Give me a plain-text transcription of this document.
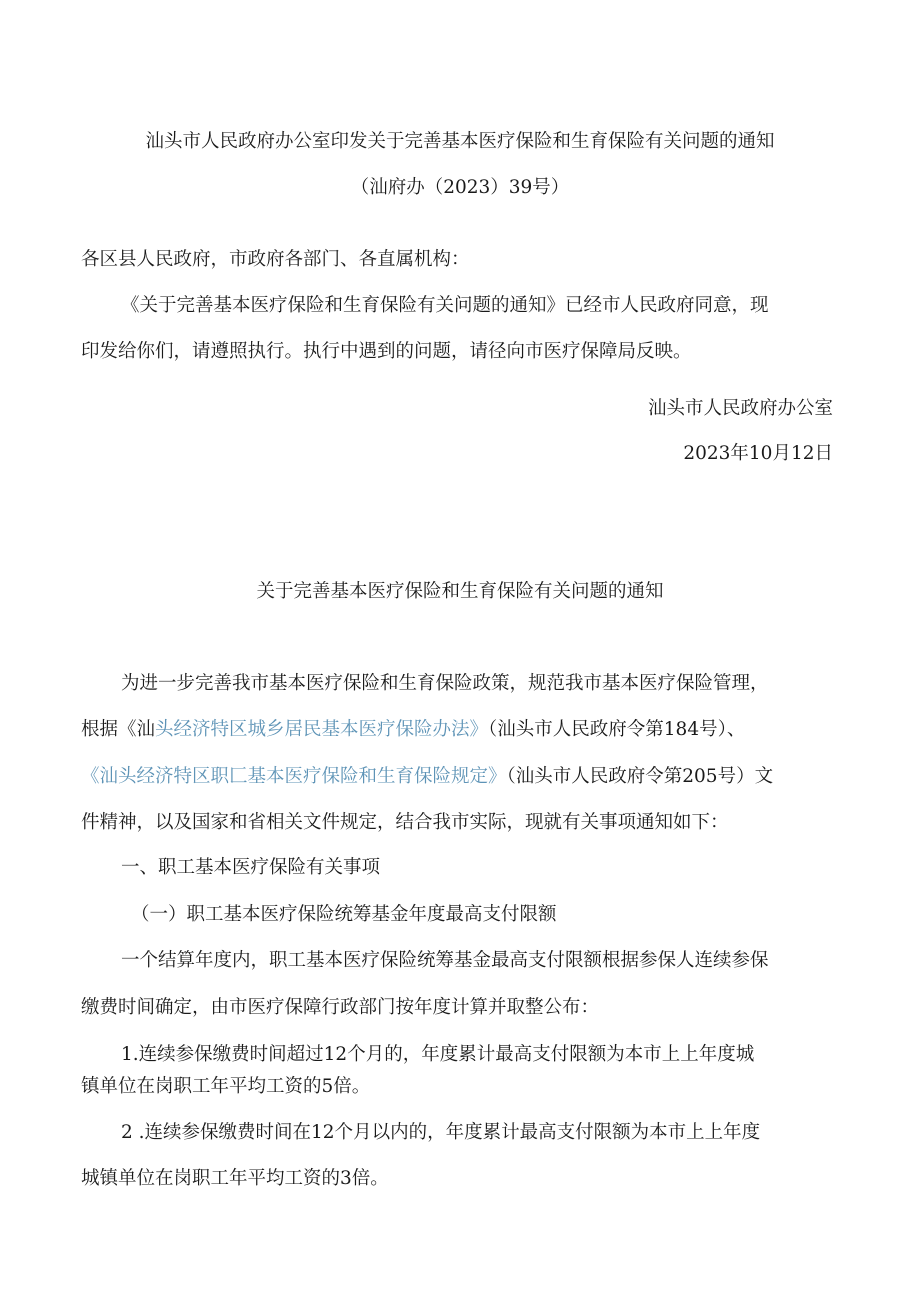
汕头市人民政府办公室印发关于完善基本医疗保险和生育保险有关问题的通知
（汕府办（2023）39号）
各区县人民政府，市政府各部门、各直属机构：
《关于完善基本医疗保险和生育保险有关问题的通知》已经市人民政府同意，现
印发给你们，请遵照执行。执行中遇到的问题，请径向市医疗保障局反映。
汕头市人民政府办公室
2023年10月12日
关于完善基本医疗保险和生育保险有关问题的通知
为进一步完善我市基本医疗保险和生育保险政策，规范我市基本医疗保险管理，
根据《汕头经济特区城乡居民基本医疗保险办法》（汕头市人民政府令第184号）、
《汕头经济特区职匚基本医疗保险和生育保险规定》（汕头市人民政府令第205号）文
件精神，以及国家和省相关文件规定，结合我市实际，现就有关事项通知如下：
一、职工基本医疗保险有关事项
（一）职工基本医疗保险统筹基金年度最高支付限额
一个结算年度内，职工基本医疗保险统筹基金最高支付限额根据参保人连续参保
缴费时间确定，由市医疗保障行政部门按年度计算并取整公布：
1.连续参保缴费时间超过12个月的，年度累计最高支付限额为本市上上年度城
镇单位在岗职工年平均工资的5倍。
2 .连续参保缴费时间在12个月以内的，年度累计最高支付限额为本市上上年度
城镇单位在岗职工年平均工资的3倍。
